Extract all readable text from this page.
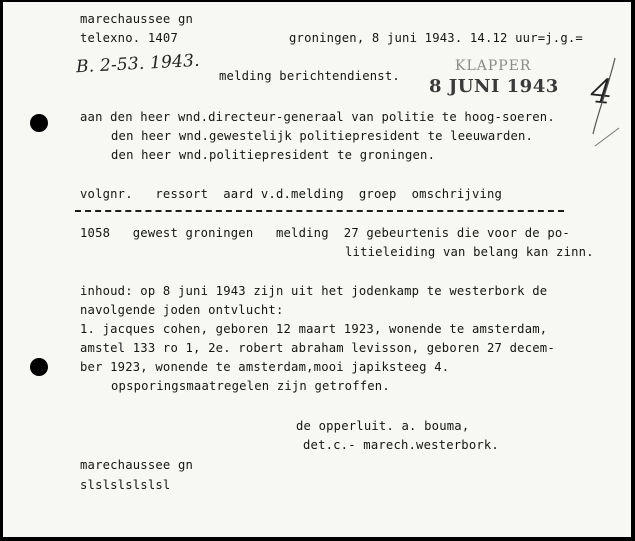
marechaussee gn
telexno. 1407	groningen, 8 juni 1943. 14.12 uur=j.g.=
B. 2-53. 1943.	KLAPPER
8 JUNI 1943 4
melding berichtendienst.
aan den heer wnd.directeur-generaal van politie te hoog-soeren.
den heer wnd.gewestelijk politiepresident te leeuwarden.
den heer wnd.politiepresident te groningen.
volgnr.   ressort  aard v.d.melding  groep  omschrijving
1058   gewest groningen   melding  27 gebeurtenis die voor de po-
litieleiding van belang kan zinn.
inhoud: op 8 juni 1943 zijn uit het jodenkamp te westerbork de
navolgende joden ontvlucht:
1. jacques cohen, geboren 12 maart 1923, wonende te amsterdam,
amstel 133 ro 1, 2e. robert abraham levisson, geboren 27 decem-
ber 1923, wonende te amsterdam,mooi japiksteeg 4.
opsporingsmaatregelen zijn getroffen.
de opperluit. a. bouma,
det.c.- marech.westerbork.
marechaussee gn
slslslslslsl
